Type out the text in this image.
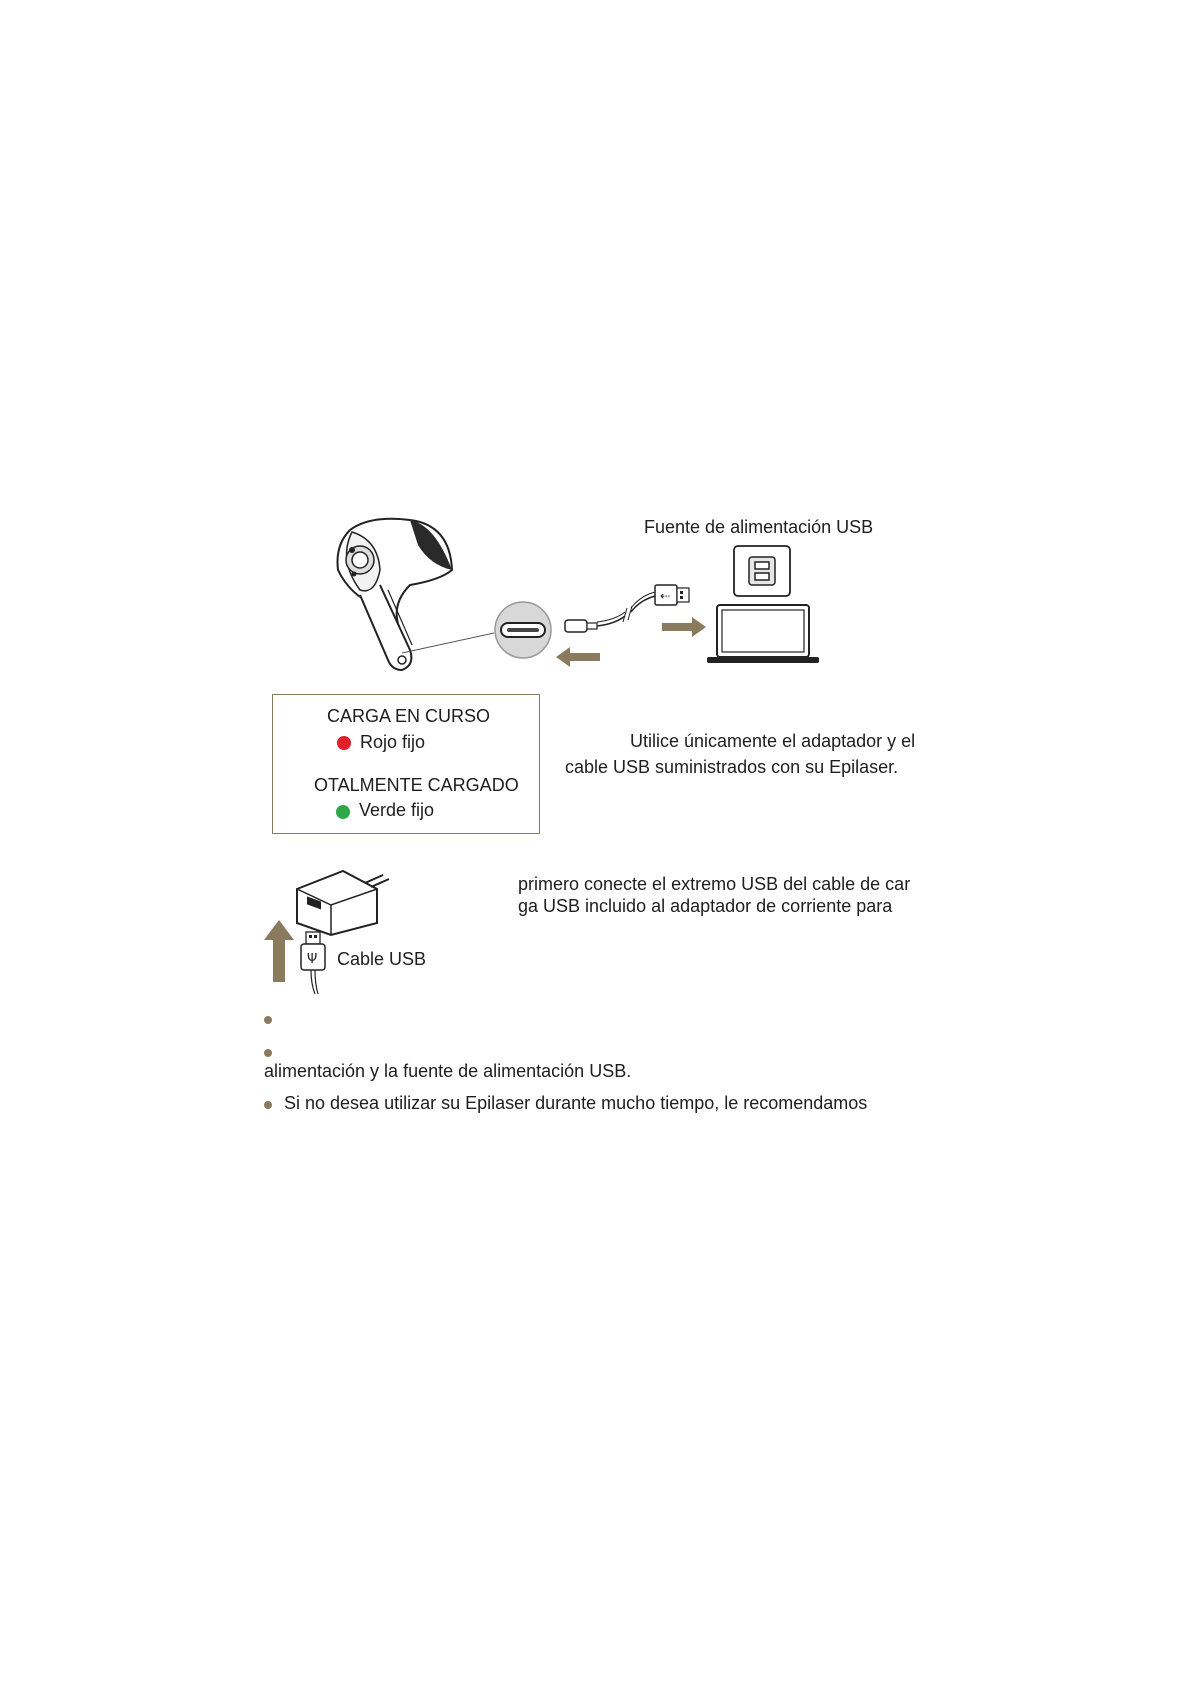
⇠
Fuente de alimentación USB
CARGA EN CURSO
Rojo fijo
OTALMENTE CARGADO
Verde fijo
Utilice únicamente el adaptador y el
cable USB suministrados con su Epilaser.
Ψ Cable USB
primero conecte el extremo USB del cable de car
ga USB incluido al adaptador de corriente para
alimentación y la fuente de alimentación USB.
Si no desea utilizar su Epilaser durante mucho tiempo, le recomendamos
